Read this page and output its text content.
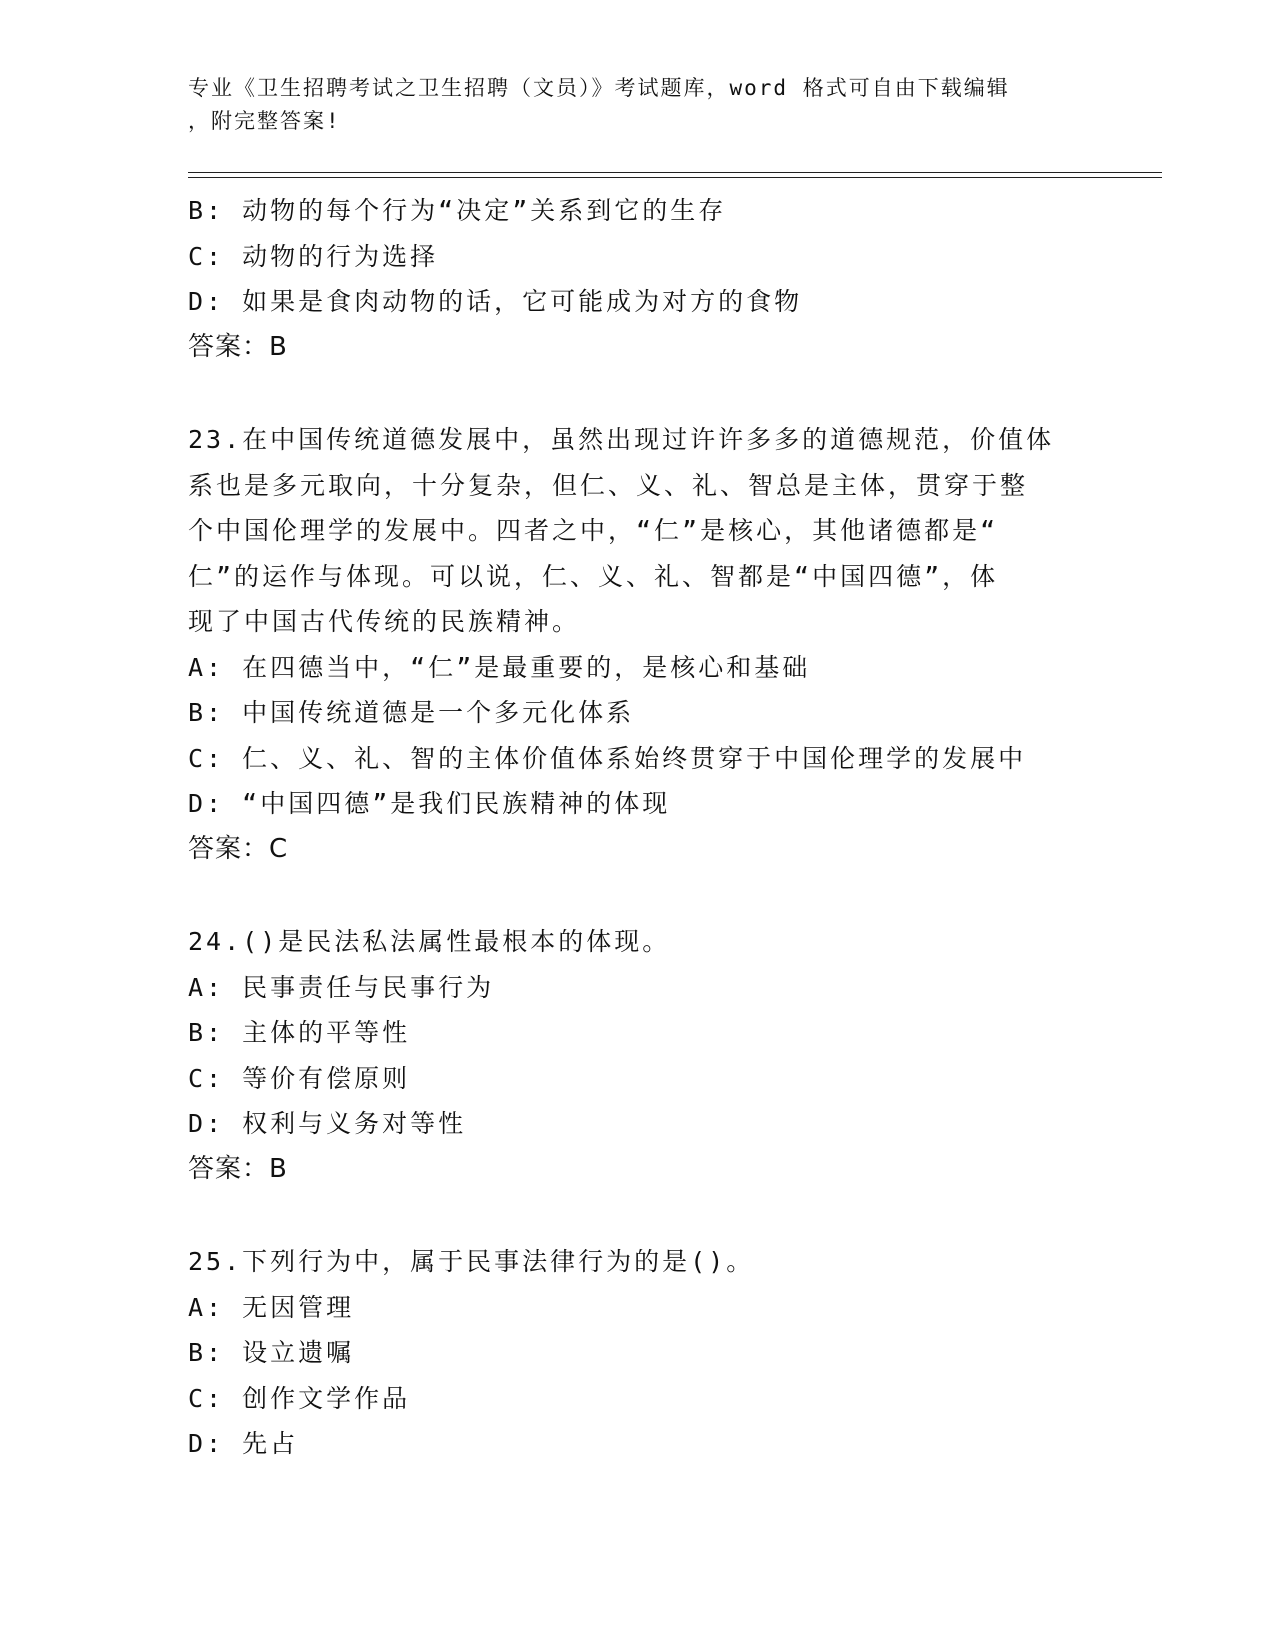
专业《卫生招聘考试之卫生招聘（文员）》考试题库，word 格式可自由下载编辑
，附完整答案!
B: 动物的每个行为“决定”关系到它的生存
C: 动物的行为选择
D: 如果是食肉动物的话，它可能成为对方的食物
答案：B
23.在中国传统道德发展中，虽然出现过许许多多的道德规范，价值体
系也是多元取向，十分复杂，但仁、义、礼、智总是主体，贯穿于整
个中国伦理学的发展中。四者之中，“仁”是核心，其他诸德都是“
仁”的运作与体现。可以说，仁、义、礼、智都是“中国四德”，体
现了中国古代传统的民族精神。
A: 在四德当中，“仁”是最重要的，是核心和基础
B: 中国传统道德是一个多元化体系
C: 仁、义、礼、智的主体价值体系始终贯穿于中国伦理学的发展中
D: “中国四德”是我们民族精神的体现
答案：C
24.()是民法私法属性最根本的体现。
A: 民事责任与民事行为
B: 主体的平等性
C: 等价有偿原则
D: 权利与义务对等性
答案：B
25.下列行为中，属于民事法律行为的是()。
A: 无因管理
B: 设立遗嘱
C: 创作文学作品
D: 先占
